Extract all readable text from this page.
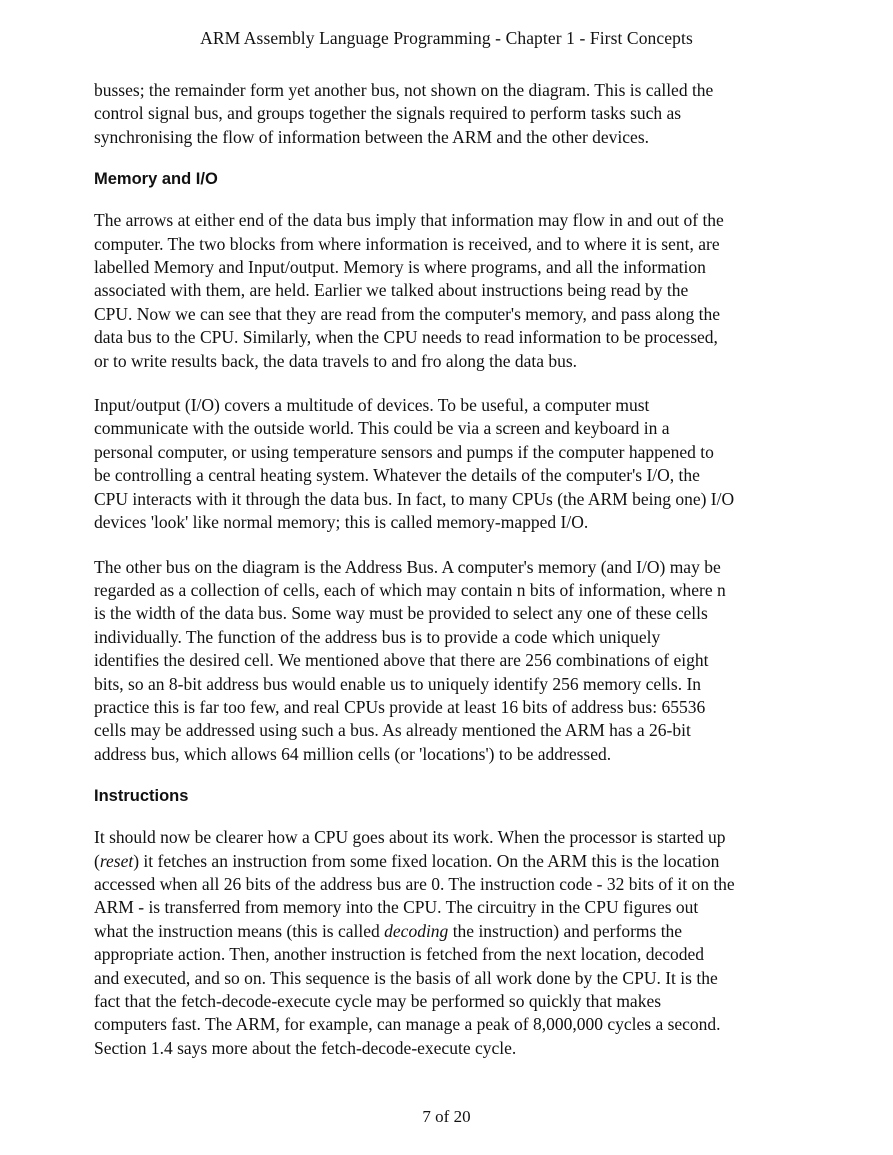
ARM Assembly Language Programming - Chapter 1 - First Concepts

busses; the remainder form yet another bus, not shown on the diagram. This is called the
control signal bus, and groups together the signals required to perform tasks such as
synchronising the flow of information between the ARM and the other devices.

Memory and I/O

The arrows at either end of the data bus imply that information may flow in and out of the
computer. The two blocks from where information is received, and to where it is sent, are
labelled Memory and Input/output. Memory is where programs, and all the information
associated with them, are held. Earlier we talked about instructions being read by the
CPU. Now we can see that they are read from the computer's memory, and pass along the
data bus to the CPU. Similarly, when the CPU needs to read information to be processed,
or to write results back, the data travels to and fro along the data bus.

Input/output (I/O) covers a multitude of devices. To be useful, a computer must
communicate with the outside world. This could be via a screen and keyboard in a
personal computer, or using temperature sensors and pumps if the computer happened to
be controlling a central heating system. Whatever the details of the computer's I/O, the
CPU interacts with it through the data bus. In fact, to many CPUs (the ARM being one) I/O
devices 'look' like normal memory; this is called memory-mapped I/O.

The other bus on the diagram is the Address Bus. A computer's memory (and I/O) may be
regarded as a collection of cells, each of which may contain n bits of information, where n
is the width of the data bus. Some way must be provided to select any one of these cells
individually. The function of the address bus is to provide a code which uniquely
identifies the desired cell. We mentioned above that there are 256 combinations of eight
bits, so an 8-bit address bus would enable us to uniquely identify 256 memory cells. In
practice this is far too few, and real CPUs provide at least 16 bits of address bus: 65536
cells may be addressed using such a bus. As already mentioned the ARM has a 26-bit
address bus, which allows 64 million cells (or 'locations') to be addressed.

Instructions

It should now be clearer how a CPU goes about its work. When the processor is started up
(reset) it fetches an instruction from some fixed location. On the ARM this is the location
accessed when all 26 bits of the address bus are 0. The instruction code - 32 bits of it on the
ARM - is transferred from memory into the CPU. The circuitry in the CPU figures out
what the instruction means (this is called decoding the instruction) and performs the
appropriate action. Then, another instruction is fetched from the next location, decoded
and executed, and so on. This sequence is the basis of all work done by the CPU. It is the
fact that the fetch-decode-execute cycle may be performed so quickly that makes
computers fast. The ARM, for example, can manage a peak of 8,000,000 cycles a second.
Section 1.4 says more about the fetch-decode-execute cycle.

7 of 20
